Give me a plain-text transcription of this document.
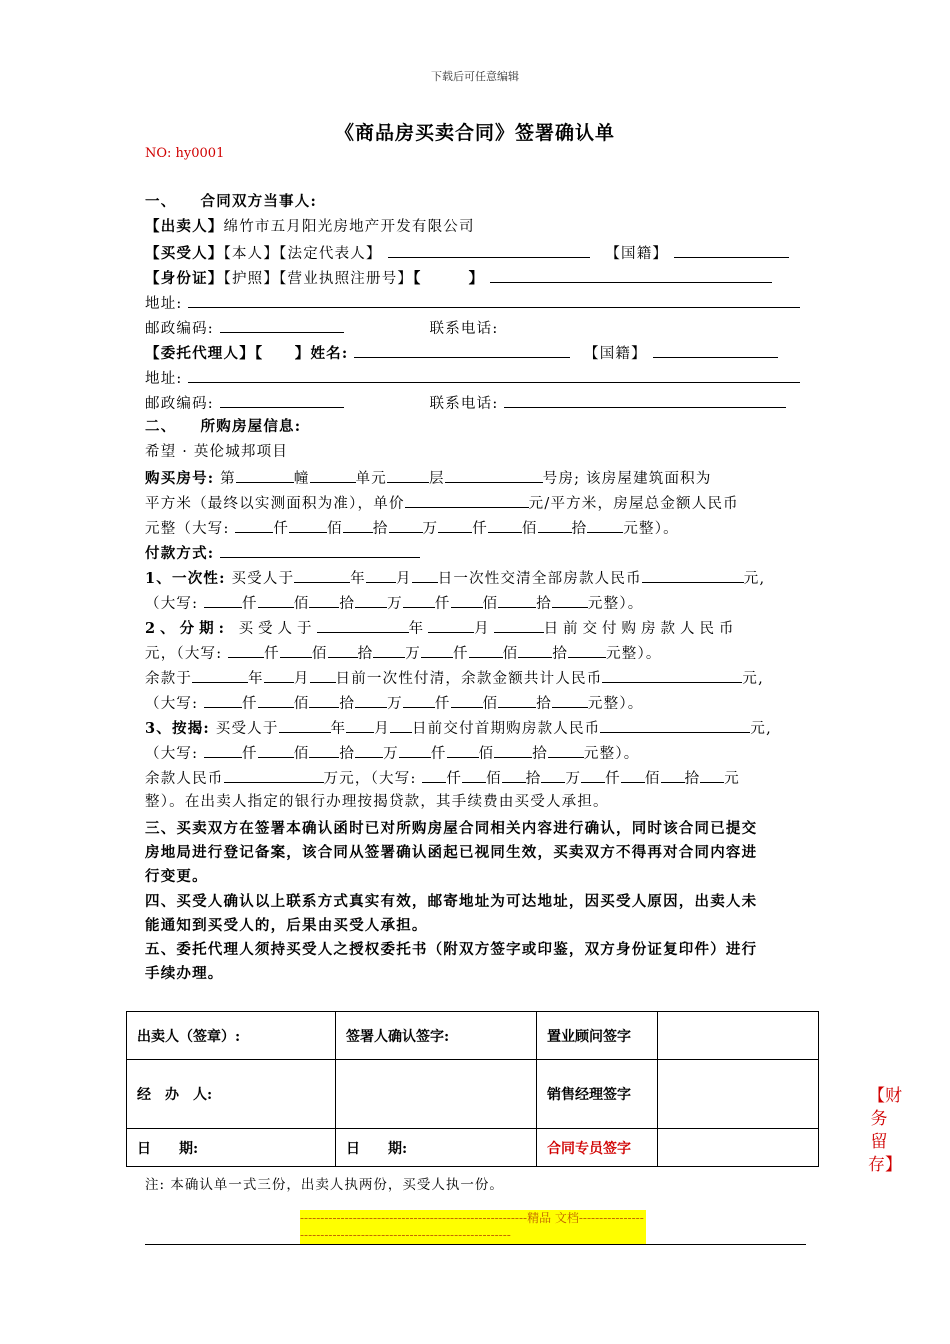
下载后可任意编辑
《商品房买卖合同》签署确认单
NO: hy0001
一、　　合同双方当事人:
【出卖人】绵竹市五月阳光房地产开发有限公司
【买受人】【本人】【法定代表人】	【国籍】
【身份证】【护照】【营业执照注册号】【　　　】
地址:
邮政编码:	联系电话:
【委托代理人】【　　】姓名:	【国籍】
地址:
邮政编码:	联系电话:
二、　　所购房屋信息:
希望 · 英伦城邦项目
购买房号: 第	幢	单元	层	号房; 该房屋建筑面积为
平方米（最终以实测面积为准），单价	元/平方米，房屋总金额人民币
元整（大写:	仟	佰 拾 万 仟 佰 拾 元整）。
付款方式:
1、一次性: 买受人于	年 月 日一次性交清全部房款人民币	元,
（大写:	仟 佰 拾 万 仟 佰	拾 元整）。
2、分期: 买受人于	年	月	日前交付购房款人民币
元，（大写:	仟 佰 拾 万 仟 佰 拾	元整）。
余款于	年 月 日前一次性付清，余款金额共计人民币	元,
（大写:	仟 佰 拾 万 仟 佰	拾 元整）。
3、按揭: 买受人于	年 月 日前交付首期购房款人民币	元,
（大写:	仟 佰 拾 万 仟 佰	拾 元整）。
余款人民币	万元，（大写: 仟 佰 拾 万 仟 佰 拾 元
整）。在出卖人指定的银行办理按揭贷款，其手续费由买受人承担。
三、买卖双方在签署本确认函时已对所购房屋合同相关内容进行确认，同时该合同已提交
房地局进行登记备案，该合同从签署确认函起已视同生效，买卖双方不得再对合同内容进
行变更。
四、买受人确认以上联系方式真实有效，邮寄地址为可达地址，因买受人原因，出卖人未
能通知到买受人的，后果由买受人承担。
五、委托代理人须持买受人之授权委托书（附双方签字或印鉴，双方身份证复印件）进行
手续办理。
出卖人（签章）:	签署人确认签字:	置业顾问签字	
经　办　人:		销售经理签字	
日　　期:	日　　期:	合同专员签字	
【财务留存】
注: 本确认单一式三份，出卖人执两份，买受人执一份。
--------------------------------------------------------精品 文档--------------------------------------------------------------------
